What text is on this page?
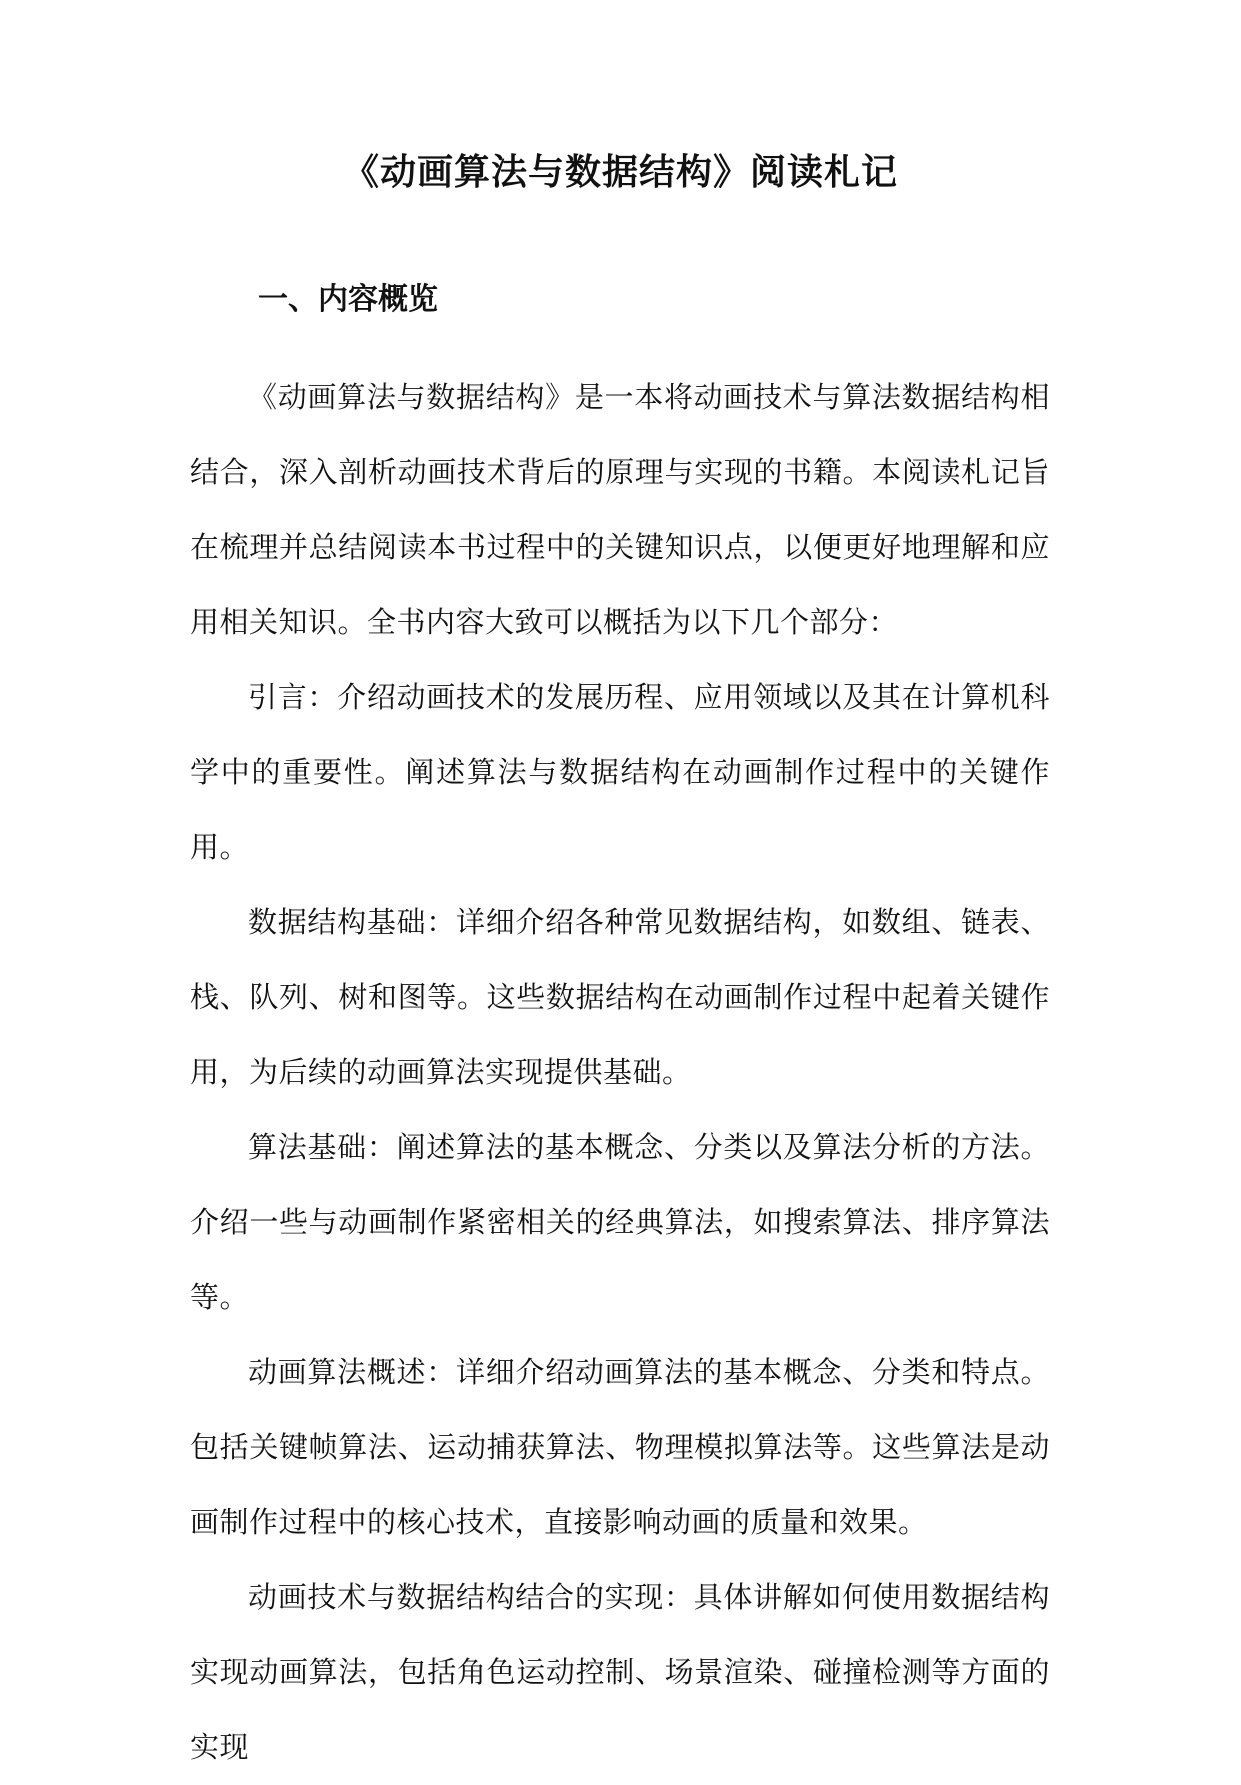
《动画算法与数据结构》阅读札记
一、内容概览

《动画算法与数据结构》是一本将动画技术与算法数据结构相结合，深入剖析动画技术背后的原理与实现的书籍。本阅读札记旨在梳理并总结阅读本书过程中的关键知识点，以便更好地理解和应用相关知识。全书内容大致可以概括为以下几个部分：

引言：介绍动画技术的发展历程、应用领域以及其在计算机科学中的重要性。阐述算法与数据结构在动画制作过程中的关键作用。

数据结构基础：详细介绍各种常见数据结构，如数组、链表、栈、队列、树和图等。这些数据结构在动画制作过程中起着关键作用，为后续的动画算法实现提供基础。

算法基础：阐述算法的基本概念、分类以及算法分析的方法。介绍一些与动画制作紧密相关的经典算法，如搜索算法、排序算法等。

动画算法概述：详细介绍动画算法的基本概念、分类和特点。包括关键帧算法、运动捕获算法、物理模拟算法等。这些算法是动画制作过程中的核心技术，直接影响动画的质量和效果。

动画技术与数据结构结合的实现：具体讲解如何使用数据结构实现动画算法，包括角色运动控制、场景渲染、碰撞检测等方面的实现
